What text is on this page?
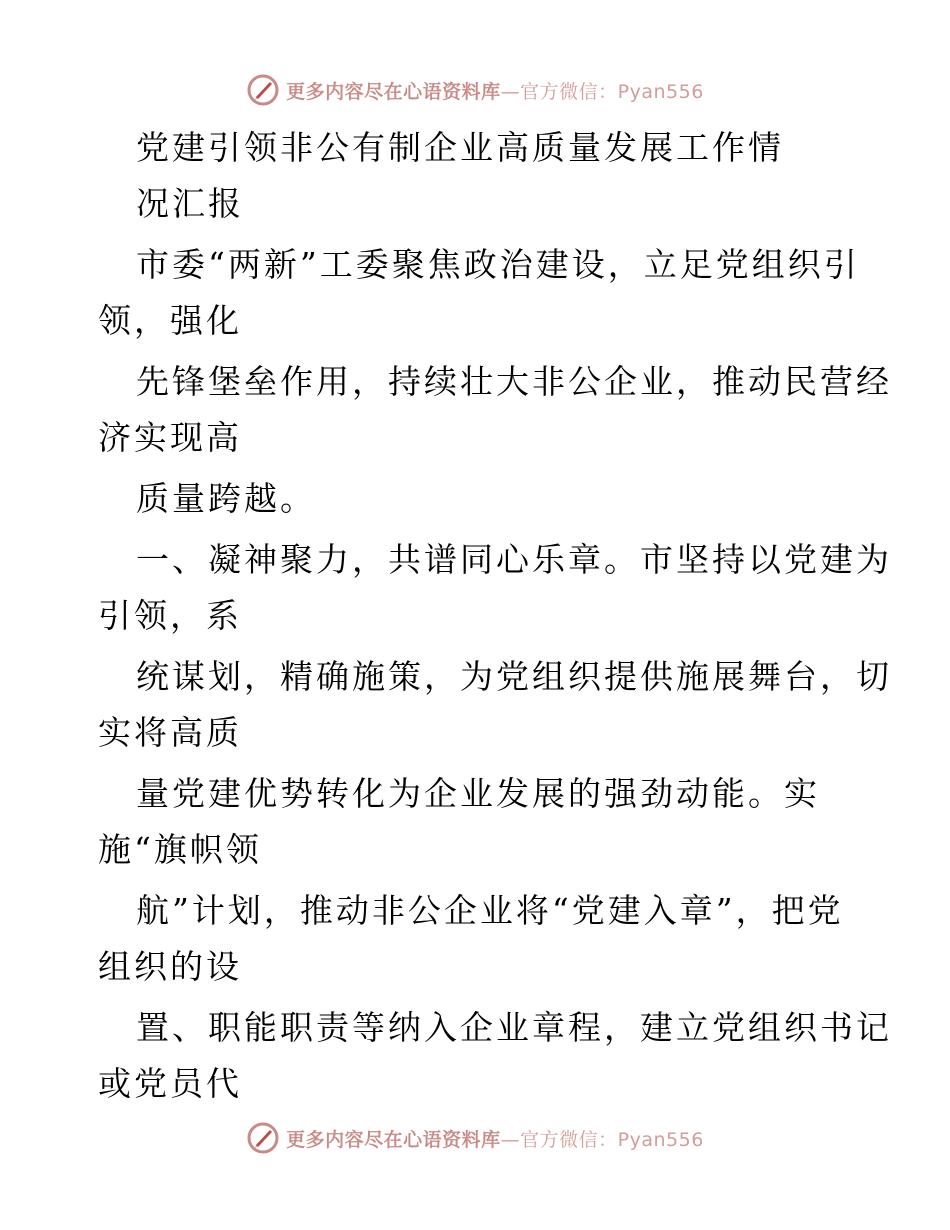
更多内容尽在心语资料库—官方微信：Pyan556
党建引领非公有制企业高质量发展工作情
况汇报
市委“两新”工委聚焦政治建设，立足党组织引
领，强化
先锋堡垒作用，持续壮大非公企业，推动民营经
济实现高
质量跨越。
一、凝神聚力，共谱同心乐章。市坚持以党建为
引领，系
统谋划，精确施策，为党组织提供施展舞台，切
实将高质
量党建优势转化为企业发展的强劲动能。实
施“旗帜领
航”计划，推动非公企业将“党建入章”，把党
组织的设
置、职能职责等纳入企业章程，建立党组织书记
或党员代
更多内容尽在心语资料库—官方微信：Pyan556
